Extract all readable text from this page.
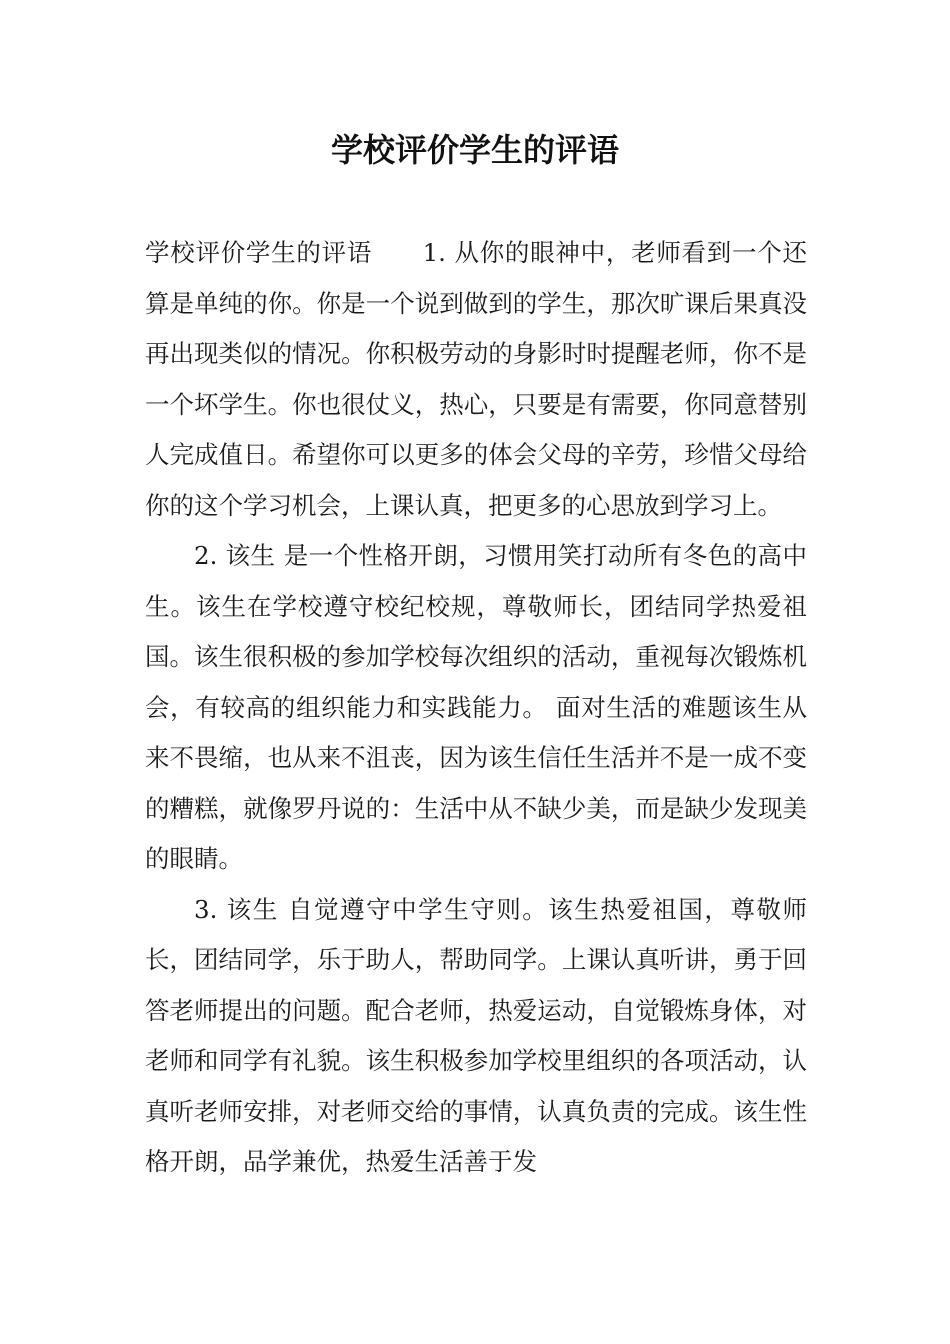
学校评价学生的评语

学校评价学生的评语　　1. 从你的眼神中，老师看到一个还算是单纯的你。你是一个说到做到的学生，那次旷课后果真没再出现类似的情况。你积极劳动的身影时时提醒老师，你不是一个坏学生。你也很仗义，热心，只要是有需要，你同意替别人完成值日。希望你可以更多的体会父母的辛劳，珍惜父母给你的这个学习机会，上课认真，把更多的心思放到学习上。

2. 该生 是一个性格开朗，习惯用笑打动所有冬色的高中生。该生在学校遵守校纪校规，尊敬师长，团结同学热爱祖国。该生很积极的参加学校每次组织的活动，重视每次锻炼机会，有较高的组织能力和实践能力。 面对生活的难题该生从来不畏缩，也从来不沮丧，因为该生信任生活并不是一成不变的糟糕，就像罗丹说的：生活中从不缺少美，而是缺少发现美的眼睛。

3. 该生 自觉遵守中学生守则。该生热爱祖国，尊敬师长，团结同学，乐于助人，帮助同学。上课认真听讲，勇于回答老师提出的问题。配合老师，热爱运动，自觉锻炼身体，对老师和同学有礼貌。该生积极参加学校里组织的各项活动，认真听老师安排，对老师交给的事情，认真负责的完成。该生性格开朗，品学兼优，热爱生活善于发
